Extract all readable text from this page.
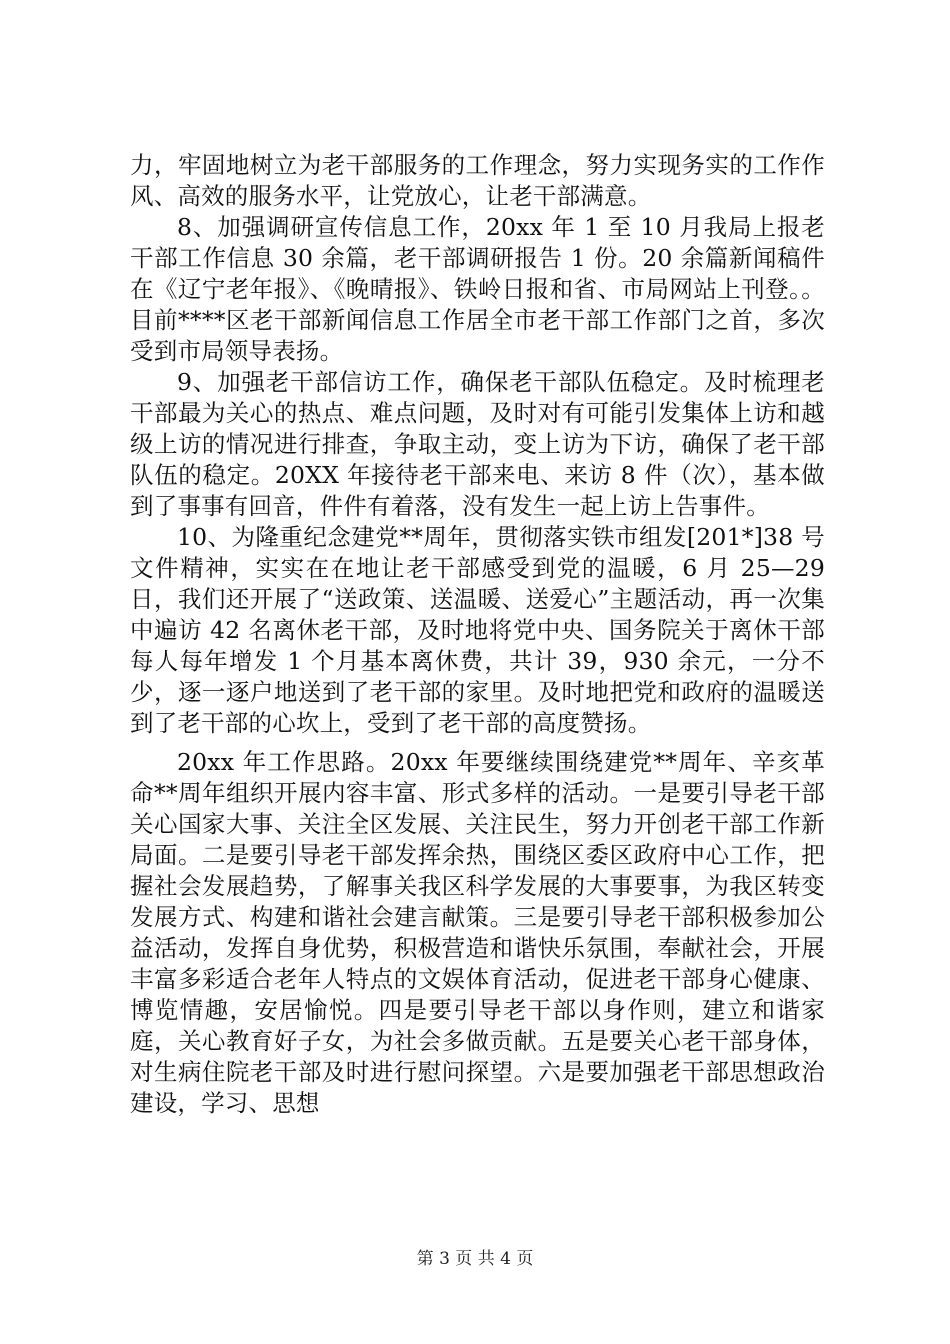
力，牢固地树立为老干部服务的工作理念，努力实现务实的工作作风、高效的服务水平，让党放心，让老干部满意。

8、加强调研宣传信息工作，20xx 年 1 至 10 月我局上报老干部工作信息 30 余篇，老干部调研报告 1 份。20 余篇新闻稿件在《辽宁老年报》、《晚晴报》、铁岭日报和省、市局网站上刊登。。目前****区老干部新闻信息工作居全市老干部工作部门之首，多次受到市局领导表扬。

9、加强老干部信访工作，确保老干部队伍稳定。及时梳理老干部最为关心的热点、难点问题，及时对有可能引发集体上访和越级上访的情况进行排查，争取主动，变上访为下访，确保了老干部队伍的稳定。20XX 年接待老干部来电、来访 8 件（次），基本做到了事事有回音，件件有着落，没有发生一起上访上告事件。

10、为隆重纪念建党**周年，贯彻落实铁市组发[201*]38 号文件精神，实实在在地让老干部感受到党的温暖，6 月 25—29 日，我们还开展了“送政策、送温暖、送爱心”主题活动，再一次集中遍访 42 名离休老干部，及时地将党中央、国务院关于离休干部每人每年增发 1 个月基本离休费，共计 39，930 余元，一分不少，逐一逐户地送到了老干部的家里。及时地把党和政府的温暖送到了老干部的心坎上，受到了老干部的高度赞扬。

20xx 年工作思路。20xx 年要继续围绕建党**周年、辛亥革命**周年组织开展内容丰富、形式多样的活动。一是要引导老干部关心国家大事、关注全区发展、关注民生，努力开创老干部工作新局面。二是要引导老干部发挥余热，围绕区委区政府中心工作，把握社会发展趋势，了解事关我区科学发展的大事要事，为我区转变发展方式、构建和谐社会建言献策。三是要引导老干部积极参加公益活动，发挥自身优势，积极营造和谐快乐氛围，奉献社会，开展丰富多彩适合老年人特点的文娱体育活动，促进老干部身心健康、博览情趣，安居愉悦。四是要引导老干部以身作则，建立和谐家庭，关心教育好子女，为社会多做贡献。五是要关心老干部身体，对生病住院老干部及时进行慰问探望。六是要加强老干部思想政治建设，学习、思想

第 3 页 共 4 页
